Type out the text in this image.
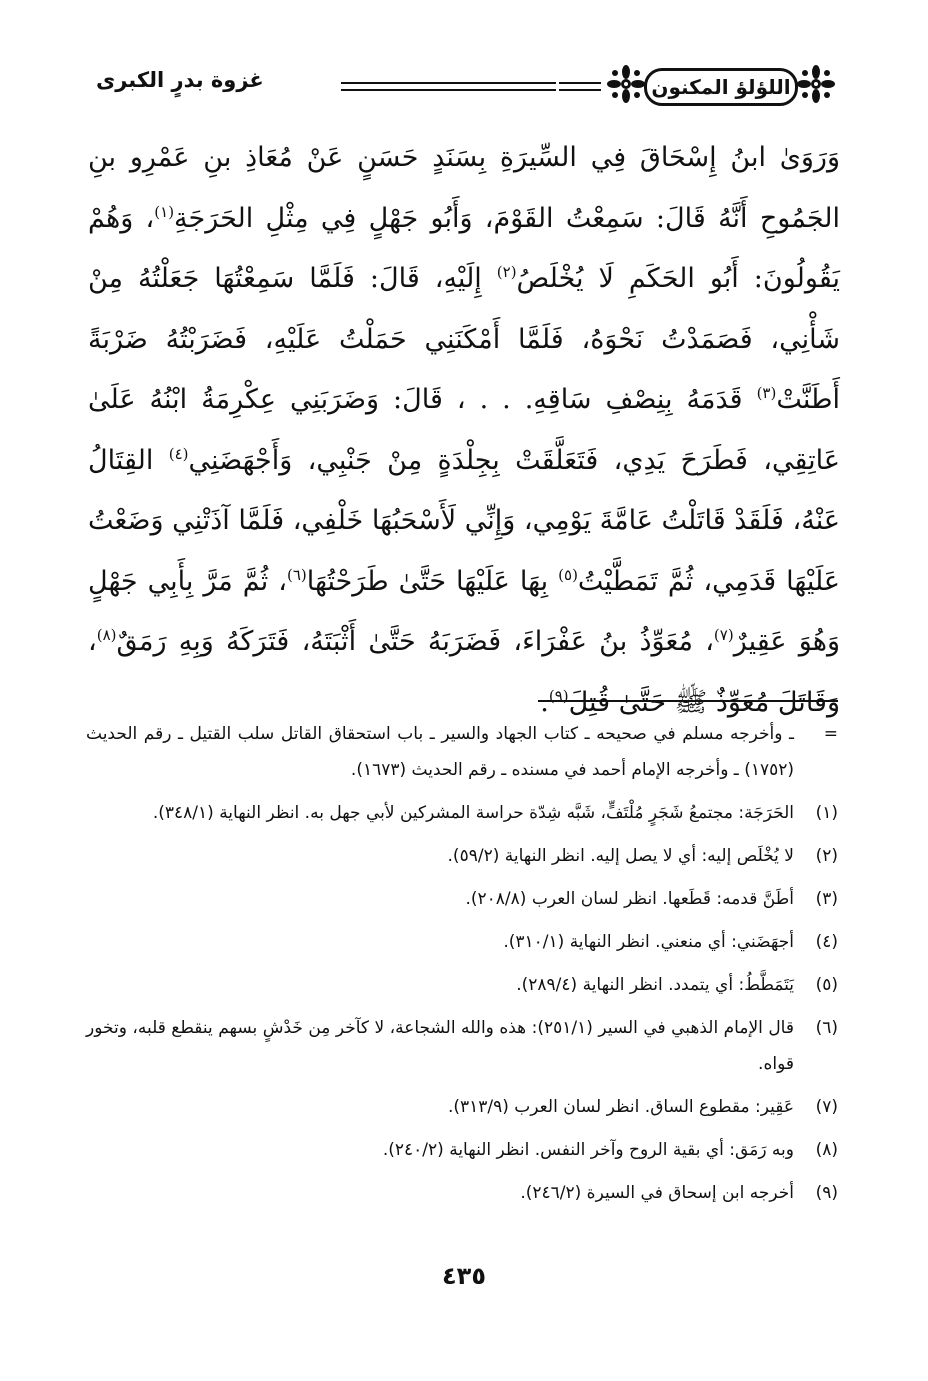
اللؤلؤ المكنون
غزوة بدرٍ الكبرى

وَرَوَىٰ ابنُ إِسْحَاقَ فِي السِّيرَةِ بِسَنَدٍ حَسَنٍ عَنْ مُعَاذِ بنِ عَمْرِو بنِ الجَمُوحِ أَنَّهُ قَالَ: سَمِعْتُ القَوْمَ، وَأَبُو جَهْلٍ فِي مِثْلِ الحَرَجَةِ$^{(١)}$، وَهُمْ يَقُولُونَ: أَبُو الحَكَمِ لَا يُخْلَصُ$^{(٢)}$ إِلَيْهِ، قَالَ: فَلَمَّا سَمِعْتُهَا جَعَلْتُهُ مِنْ شَأْنِي، فَصَمَدْتُ نَحْوَهُ، فَلَمَّا أَمْكَنَنِي حَمَلْتُ عَلَيْهِ، فَضَرَبْتُهُ ضَرْبَةً أَطَنَّتْ$^{(٣)}$ قَدَمَهُ بِنِصْفِ سَاقِهِ. . . ، قَالَ: وَضَرَبَنِي عِكْرِمَةُ ابْنُهُ عَلَىٰ عَاتِقِي، فَطَرَحَ يَدِي، فَتَعَلَّقَتْ بِجِلْدَةٍ مِنْ جَنْبِي، وَأَجْهَضَنِي$^{(٤)}$ القِتَالُ عَنْهُ، فَلَقَدْ قَاتَلْتُ عَامَّةَ يَوْمِي، وَإِنِّي لَأَسْحَبُهَا خَلْفِي، فَلَمَّا آذَتْنِي وَضَعْتُ عَلَيْهَا قَدَمِي، ثُمَّ تَمَطَّيْتُ$^{(٥)}$ بِهَا عَلَيْهَا حَتَّىٰ طَرَحْتُهَا$^{(٦)}$، ثُمَّ مَرَّ بِأَبِي جَهْلٍ وَهُوَ عَقِيرٌ$^{(٧)}$، مُعَوِّذُ بنُ عَفْرَاءَ، فَضَرَبَهُ حَتَّىٰ أَثْبَتَهُ، فَتَرَكَهُ وَبِهِ رَمَقٌ$^{(٨)}$، وَقَاتَلَ مُعَوِّذٌ ﷺ حَتَّىٰ قُتِلَ$^{(٩)}$.

=
ـ وأخرجه مسلم في صحيحه ـ كتاب الجهاد والسير ـ باب استحقاق القاتل سلب القتيل ـ رقم الحديث (١٧٥٢) ـ وأخرجه الإمام أحمد في مسنده ـ رقم الحديث (١٦٧٣).
(١)
الحَرَجَة: مجتمعُ شَجَرٍ مُلْتَفٍّ، شَبَّه شِدّة حراسة المشركين لأبي جهل به. انظر النهاية (٣٤٨/١).
(٢)
لا يُخْلَص إليه: أي لا يصل إليه. انظر النهاية (٥٩/٢).
(٣)
أطَنَّ قدمه: قَطَعها. انظر لسان العرب (٢٠٨/٨).
(٤)
أجهَضَني: أي منعني. انظر النهاية (٣١٠/١).
(٥)
يَتَمَطَّطُ: أي يتمدد. انظر النهاية (٢٨٩/٤).
(٦)
قال الإمام الذهبي في السير (٢٥١/١): هذه والله الشجاعة، لا كآخر مِن خَدْشٍ بسهم ينقطع قلبه، وتخور قواه.
(٧)
عَقِير: مقطوع الساق. انظر لسان العرب (٣١٣/٩).
(٨)
وبه رَمَق: أي بقية الروح وآخر النفس. انظر النهاية (٢٤٠/٢).
(٩)
أخرجه ابن إسحاق في السيرة (٢٤٦/٢).
٤٣٥
